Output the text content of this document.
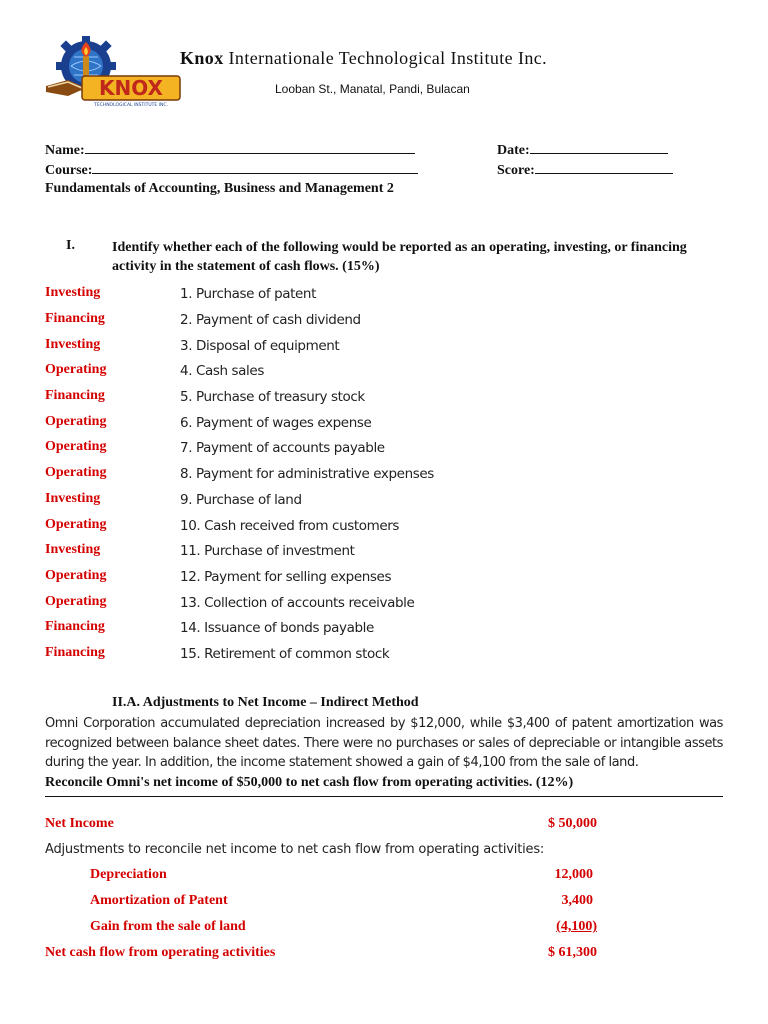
KNOX
TECHNOLOGICAL INSTITUTE INC.
Knox Internationale Technological Institute Inc.
Looban St., Manatal, Pandi, Bulacan
Name:	Date:
Course:	Score:
Fundamentals of Accounting, Business and Management 2
I.	Identify whether each of the following would be reported as an operating, investing, or financing activity in the statement of cash flows. (15%)
Investing	1. Purchase of patent
Financing	2. Payment of cash dividend
Investing	3. Disposal of equipment
Operating	4. Cash sales
Financing	5. Purchase of treasury stock
Operating	6. Payment of wages expense
Operating	7. Payment of accounts payable
Operating	8. Payment for administrative expenses
Investing	9. Purchase of land
Operating	10. Cash received from customers
Investing	11. Purchase of investment
Operating	12. Payment for selling expenses
Operating	13. Collection of accounts receivable
Financing	14. Issuance of bonds payable
Financing	15. Retirement of common stock
II.A. Adjustments to Net Income – Indirect Method
Omni Corporation accumulated depreciation increased by $12,000, while $3,400 of patent amortization was recognized between balance sheet dates. There were no purchases or sales of depreciable or intangible assets during the year. In addition, the income statement showed a gain of $4,100 from the sale of land.
Reconcile Omni's net income of $50,000 to net cash flow from operating activities. (12%)
Net Income	$ 50,000
Adjustments to reconcile net income to net cash flow from operating activities:
Depreciation	12,000
Amortization of Patent	3,400
Gain from the sale of land	(4,100)
Net cash flow from operating activities	$ 61,300
